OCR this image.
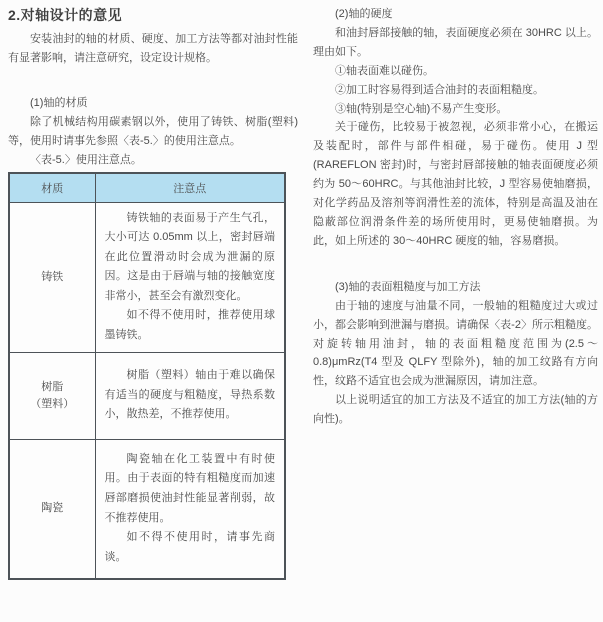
2.对轴设计的意见

安装油封的轴的材质、硬度、加工方法等都对油封性能有显著影响，请注意研究，设定设计规格。

(1)轴的材质

除了机械结构用碳素钢以外，使用了铸铁、树脂(塑料)等，使用时请事先参照〈表-5.〉的使用注意点。

〈表-5.〉使用注意点。

材质	注意点

铸铁	铸铁轴的表面易于产生气孔，大小可达 0.05mm 以上，密封唇端在此位置滑动时会成为泄漏的原因。这是由于唇端与轴的接触宽度非常小，甚至会有激烈变化。

如不得不使用时，推荐使用球墨铸铁。

树脂
（塑料）	树脂（塑料）轴由于难以确保有适当的硬度与粗糙度，导热系数小，散热差，不推荐使用。

陶瓷	陶瓷轴在化工装置中有时使用。由于表面的特有粗糙度而加速唇部磨损使油封性能显著削弱，故不推荐使用。

如不得不使用时，请事先商谈。

(2)轴的硬度

和油封唇部接触的轴，表面硬度必须在 30HRC 以上。理由如下。

①轴表面难以碰伤。

②加工时容易得到适合油封的表面粗糙度。

③轴(特别是空心轴)不易产生变形。

关于碰伤，比较易于被忽视，必须非常小心，在搬运及装配时，部件与部件相碰，易于碰伤。使用 J 型(RAREFLON 密封)时，与密封唇部接触的轴表面硬度必须约为 50～60HRC。与其他油封比较，J 型容易使轴磨损，对化学药品及溶剂等润滑性差的流体，特别是高温及油在隐蔽部位润滑条件差的场所使用时，更易使轴磨损。为此，如上所述的 30～40HRC 硬度的轴，容易磨损。

(3)轴的表面粗糙度与加工方法

由于轴的速度与油量不同，一般轴的粗糙度过大或过小，都会影响到泄漏与磨损。请确保〈表-2〉所示粗糙度。对旋转轴用油封，轴的表面粗糙度范围为(2.5～0.8)μmRz(T4 型及 QLFY 型除外)，轴的加工纹路有方向性，纹路不适宜也会成为泄漏原因，请加注意。

以上说明适宜的加工方法及不适宜的加工方法(轴的方向性)。
